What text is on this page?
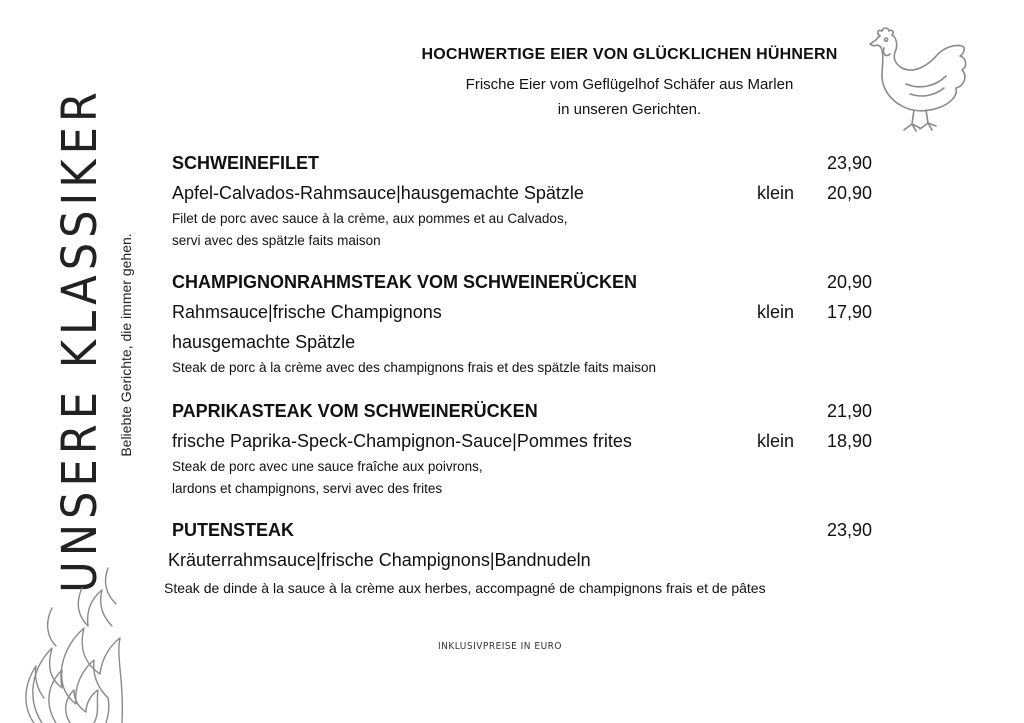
HOCHWERTIGE EIER VON GLÜCKLICHEN HÜHNERN
Frische Eier vom Geflügelhof Schäfer aus Marlen
in unseren Gerichten.
UNSERE KLASSIKER Beliebte Gerichte, die immer gehen.
SCHWEINEFILET	23,90
Apfel-Calvados-Rahmsauce|hausgemachte Spätzle	klein 20,90
Filet de porc avec sauce à la crème, aux pommes et au Calvados,
servi avec des spätzle faits maison
CHAMPIGNONRAHMSTEAK VOM SCHWEINERÜCKEN	20,90
Rahmsauce|frische Champignons	klein 17,90
hausgemachte Spätzle
Steak de porc à la crème avec des champignons frais et des spätzle faits maison
PAPRIKASTEAK VOM SCHWEINERÜCKEN	21,90
frische Paprika-Speck-Champignon-Sauce|Pommes frites	klein 18,90
Steak de porc avec une sauce fraîche aux poivrons,
lardons et champignons, servi avec des frites
PUTENSTEAK	23,90
Kräuterrahmsauce|frische Champignons|Bandnudeln
Steak de dinde à la sauce à la crème aux herbes, accompagné de champignons frais et de pâtes
INKLUSIVPREISE IN EURO
